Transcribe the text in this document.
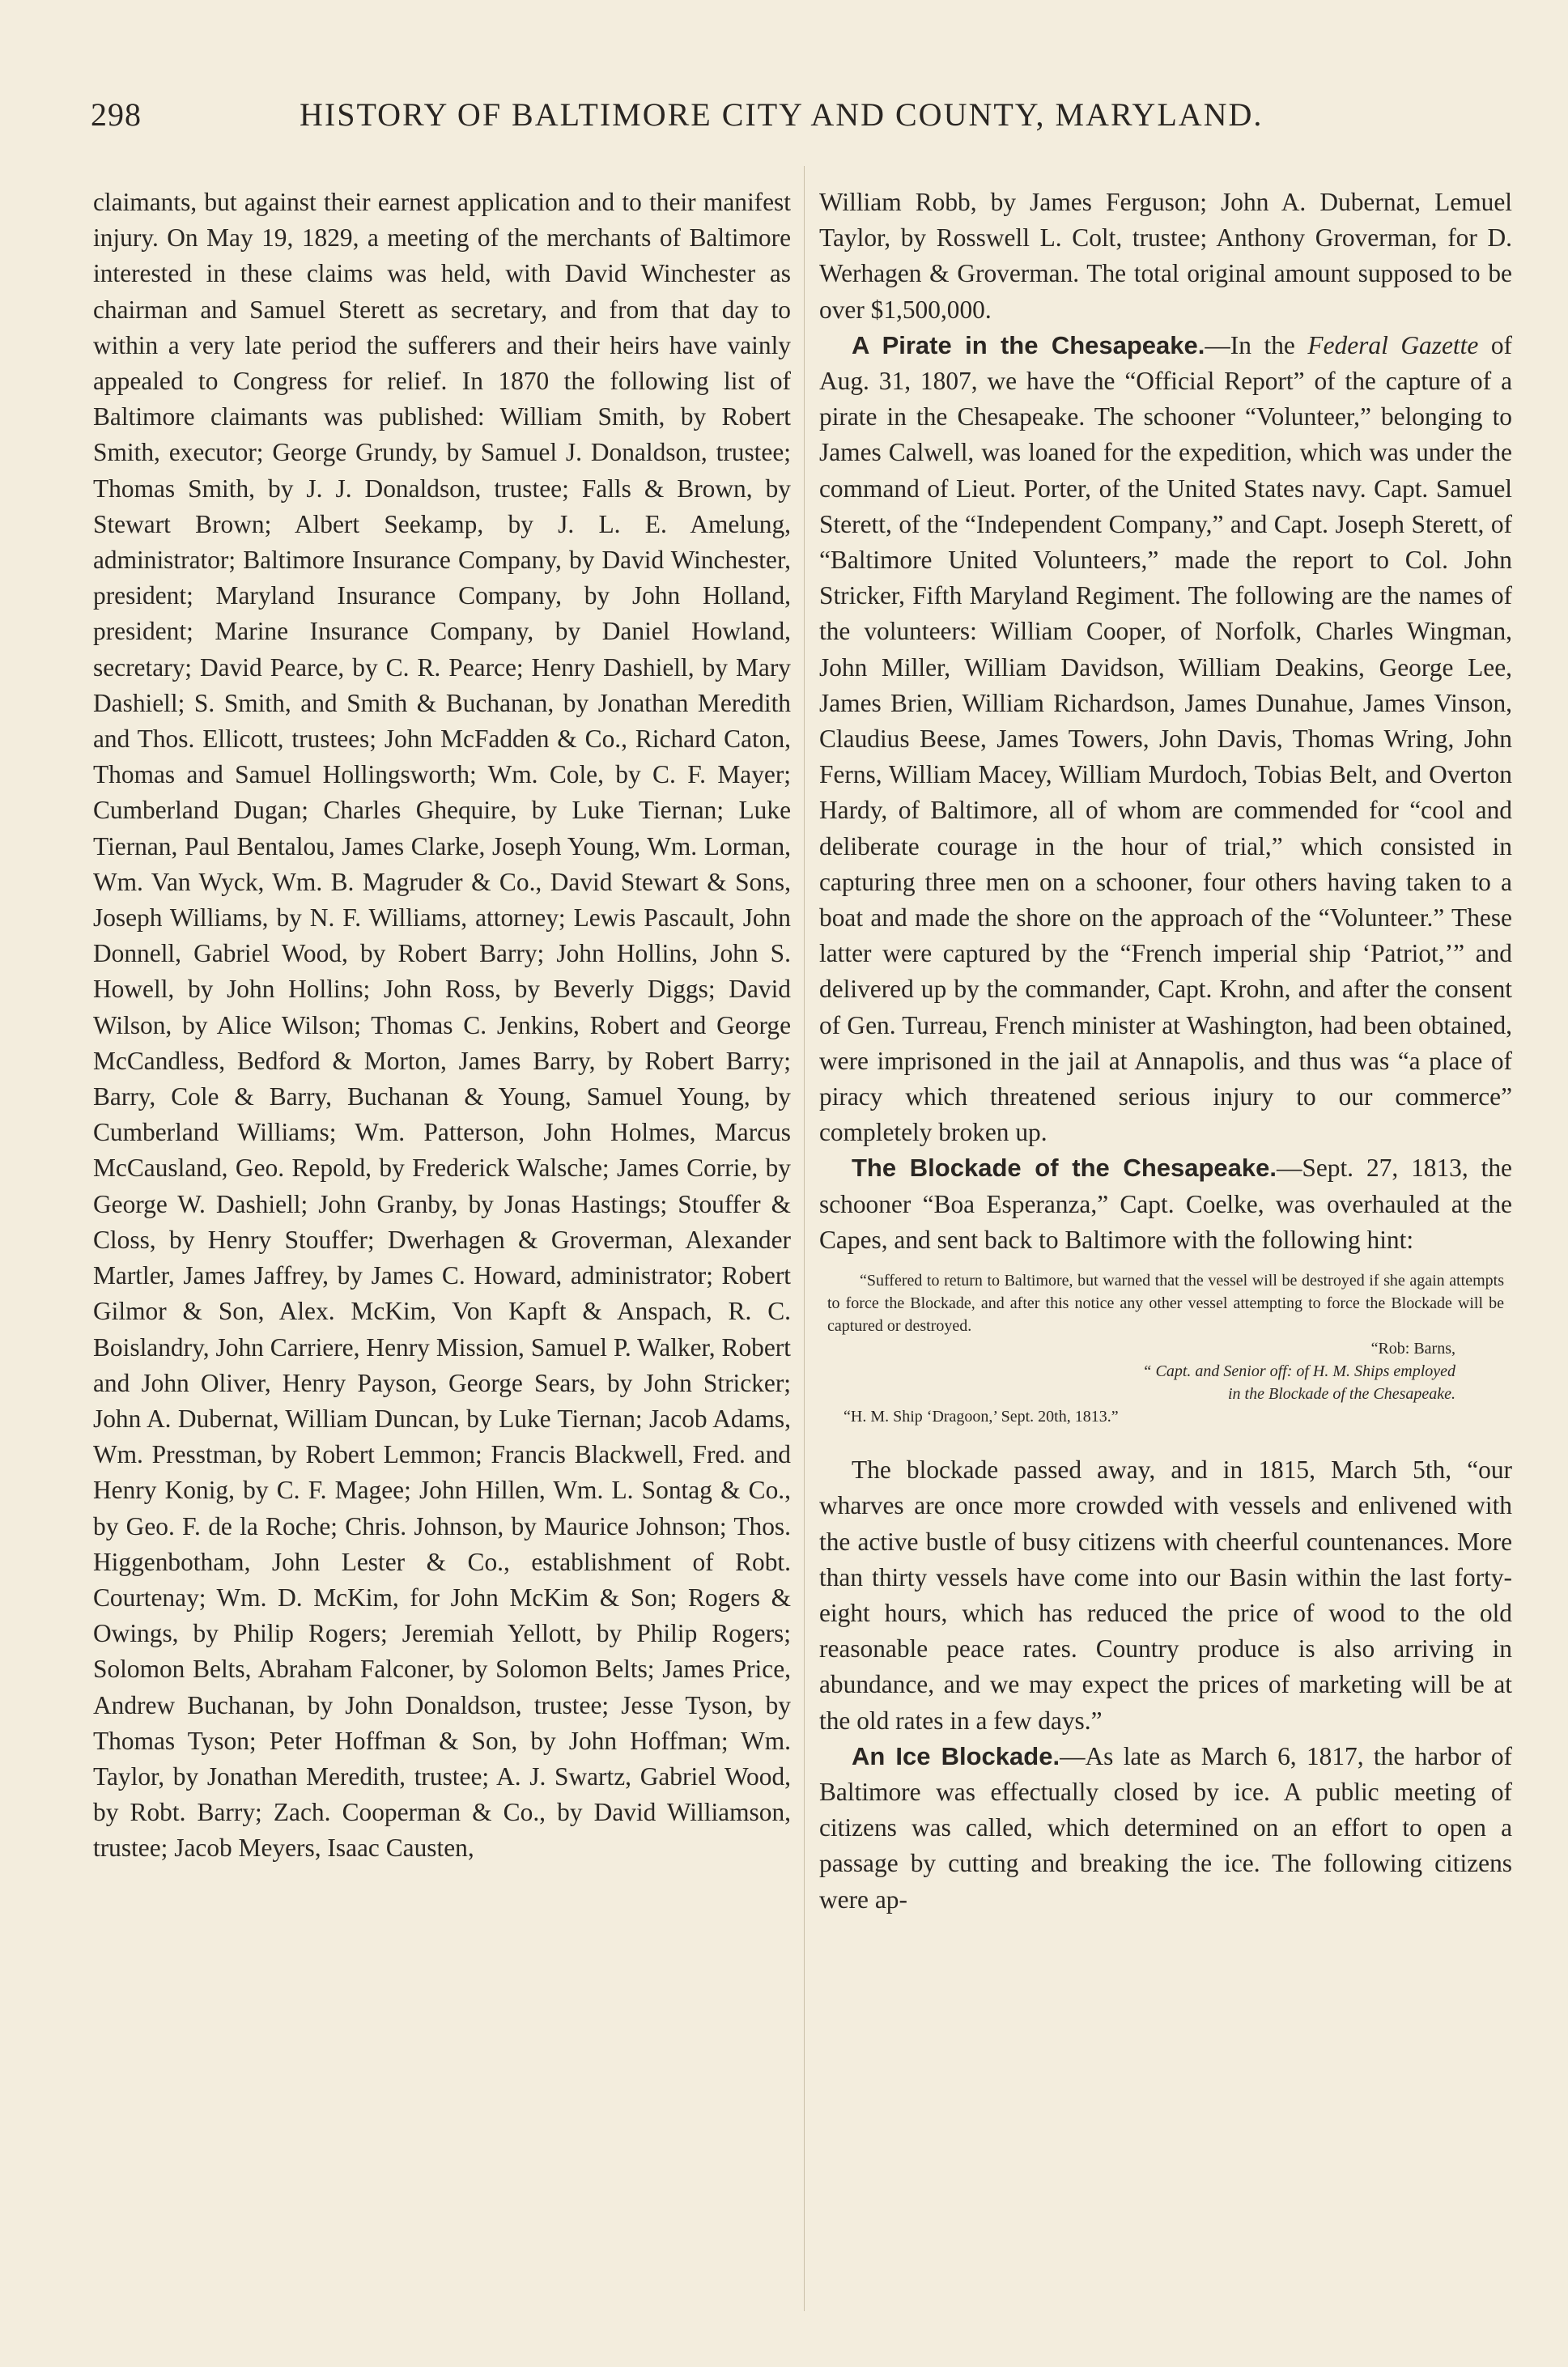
298	HISTORY OF BALTIMORE CITY AND COUNTY, MARYLAND.

claimants, but against their earnest application and to their manifest injury. On May 19, 1829, a meeting of the merchants of Baltimore interested in these claims was held, with David Winchester as chairman and Samuel Sterett as secretary, and from that day to within a very late period the sufferers and their heirs have vainly appealed to Congress for relief. In 1870 the following list of Baltimore claimants was published: William Smith, by Robert Smith, executor; George Grundy, by Samuel J. Donaldson, trustee; Thomas Smith, by J. J. Donaldson, trustee; Falls & Brown, by Stewart Brown; Albert Seekamp, by J. L. E. Amelung, administrator; Baltimore Insurance Company, by David Winchester, president; Maryland Insurance Company, by John Holland, president; Marine Insurance Company, by Daniel Howland, secretary; David Pearce, by C. R. Pearce; Henry Dashiell, by Mary Dashiell; S. Smith, and Smith & Buchanan, by Jonathan Meredith and Thos. Ellicott, trustees; John McFadden & Co., Richard Caton, Thomas and Samuel Hollingsworth; Wm. Cole, by C. F. Mayer; Cumberland Dugan; Charles Ghequire, by Luke Tiernan; Luke Tiernan, Paul Bentalou, James Clarke, Joseph Young, Wm. Lorman, Wm. Van Wyck, Wm. B. Magruder & Co., David Stewart & Sons, Joseph Williams, by N. F. Williams, attorney; Lewis Pascault, John Donnell, Gabriel Wood, by Robert Barry; John Hollins, John S. Howell, by John Hollins; John Ross, by Beverly Diggs; David Wilson, by Alice Wilson; Thomas C. Jenkins, Robert and George McCandless, Bedford & Morton, James Barry, by Robert Barry; Barry, Cole & Barry, Buchanan & Young, Samuel Young, by Cumberland Williams; Wm. Patterson, John Holmes, Marcus McCausland, Geo. Repold, by Frederick Walsche; James Corrie, by George W. Dashiell; John Granby, by Jonas Hastings; Stouffer & Closs, by Henry Stouffer; Dwerhagen & Groverman, Alexander Martler, James Jaffrey, by James C. Howard, administrator; Robert Gilmor & Son, Alex. McKim, Von Kapft & Anspach, R. C. Boislandry, John Carriere, Henry Mission, Samuel P. Walker, Robert and John Oliver, Henry Payson, George Sears, by John Stricker; John A. Dubernat, William Duncan, by Luke Tiernan; Jacob Adams, Wm. Presstman, by Robert Lemmon; Francis Blackwell, Fred. and Henry Konig, by C. F. Magee; John Hillen, Wm. L. Sontag & Co., by Geo. F. de la Roche; Chris. Johnson, by Maurice Johnson; Thos. Higgenbotham, John Lester & Co., establishment of Robt. Courtenay; Wm. D. McKim, for John McKim & Son; Rogers & Owings, by Philip Rogers; Jeremiah Yellott, by Philip Rogers; Solomon Belts, Abraham Falconer, by Solomon Belts; James Price, Andrew Buchanan, by John Donaldson, trustee; Jesse Tyson, by Thomas Tyson; Peter Hoffman & Son, by John Hoffman; Wm. Taylor, by Jonathan Meredith, trustee; A. J. Swartz, Gabriel Wood, by Robt. Barry; Zach. Cooperman & Co., by David Williamson, trustee; Jacob Meyers, Isaac Causten,

William Robb, by James Ferguson; John A. Dubernat, Lemuel Taylor, by Rosswell L. Colt, trustee; Anthony Groverman, for D. Werhagen & Groverman. The total original amount supposed to be over $1,500,000.

A Pirate in the Chesapeake.—In the Federal Gazette of Aug. 31, 1807, we have the “Official Report” of the capture of a pirate in the Chesapeake. The schooner “Volunteer,” belonging to James Calwell, was loaned for the expedition, which was under the command of Lieut. Porter, of the United States navy. Capt. Samuel Sterett, of the “Independent Company,” and Capt. Joseph Sterett, of “Baltimore United Volunteers,” made the report to Col. John Stricker, Fifth Maryland Regiment. The following are the names of the volunteers: William Cooper, of Norfolk, Charles Wingman, John Miller, William Davidson, William Deakins, George Lee, James Brien, William Richardson, James Dunahue, James Vinson, Claudius Beese, James Towers, John Davis, Thomas Wring, John Ferns, William Macey, William Murdoch, Tobias Belt, and Overton Hardy, of Baltimore, all of whom are commended for “cool and deliberate courage in the hour of trial,” which consisted in capturing three men on a schooner, four others having taken to a boat and made the shore on the approach of the “Volunteer.” These latter were captured by the “French imperial ship ‘Patriot,’” and delivered up by the commander, Capt. Krohn, and after the consent of Gen. Turreau, French minister at Washington, had been obtained, were imprisoned in the jail at Annapolis, and thus was “a place of piracy which threatened serious injury to our commerce” completely broken up.

The Blockade of the Chesapeake.—Sept. 27, 1813, the schooner “Boa Esperanza,” Capt. Coelke, was overhauled at the Capes, and sent back to Baltimore with the following hint:

“Suffered to return to Baltimore, but warned that the vessel will be destroyed if she again attempts to force the Blockade, and after this notice any other vessel attempting to force the Blockade will be captured or destroyed.

“Rob: Barns,

“ Capt. and Senior off: of H. M. Ships employed

in the Blockade of the Chesapeake.

“H. M. Ship ‘Dragoon,’ Sept. 20th, 1813.”

The blockade passed away, and in 1815, March 5th, “our wharves are once more crowded with vessels and enlivened with the active bustle of busy citizens with cheerful countenances. More than thirty vessels have come into our Basin within the last forty-eight hours, which has reduced the price of wood to the old reasonable peace rates. Country produce is also arriving in abundance, and we may expect the prices of marketing will be at the old rates in a few days.”

An Ice Blockade.—As late as March 6, 1817, the harbor of Baltimore was effectually closed by ice. A public meeting of citizens was called, which determined on an effort to open a passage by cutting and breaking the ice. The following citizens were ap-
